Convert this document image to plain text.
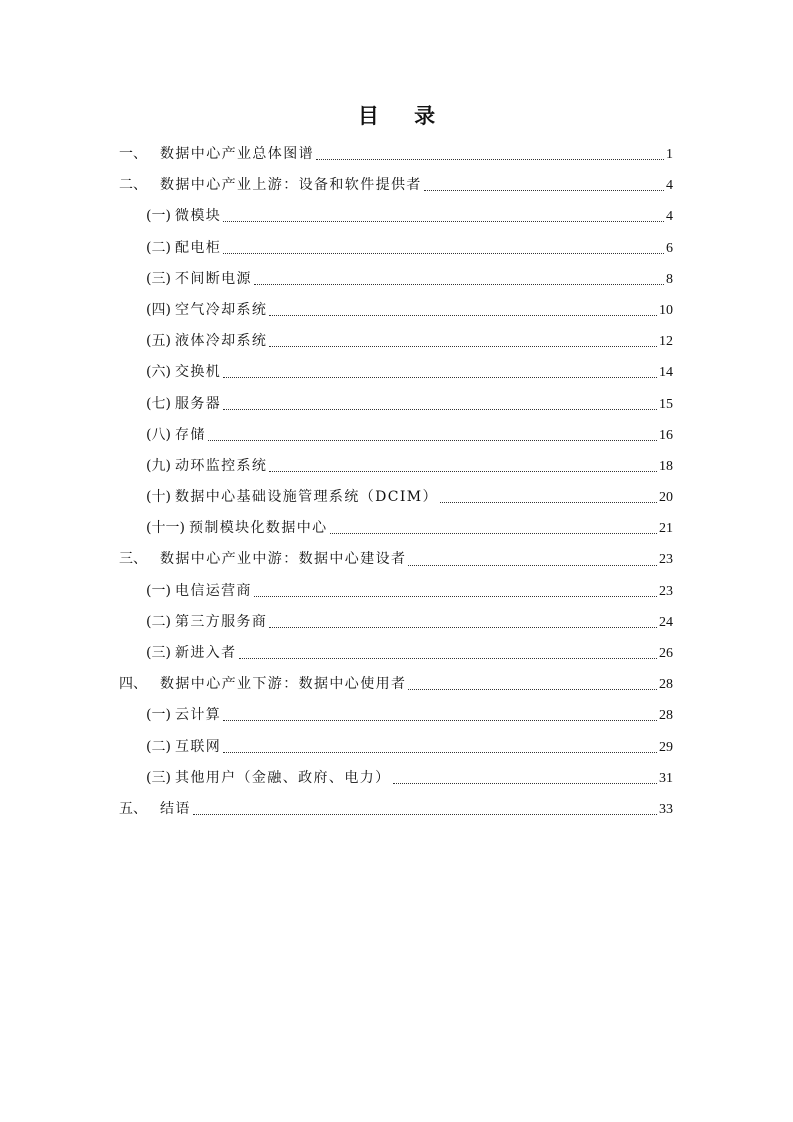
目 录
一、 数据中心产业总体图谱	1
二、 数据中心产业上游：设备和软件提供者	4
(一) 微模块	4
(二) 配电柜	6
(三) 不间断电源	8
(四) 空气冷却系统	10
(五) 液体冷却系统	12
(六) 交换机	14
(七) 服务器	15
(八) 存储	16
(九) 动环监控系统	18
(十) 数据中心基础设施管理系统（DCIM）	20
(十一) 预制模块化数据中心	21
三、 数据中心产业中游：数据中心建设者	23
(一) 电信运营商	23
(二) 第三方服务商	24
(三) 新进入者	26
四、 数据中心产业下游：数据中心使用者	28
(一) 云计算	28
(二) 互联网	29
(三) 其他用户（金融、政府、电力）	31
五、 结语	33
